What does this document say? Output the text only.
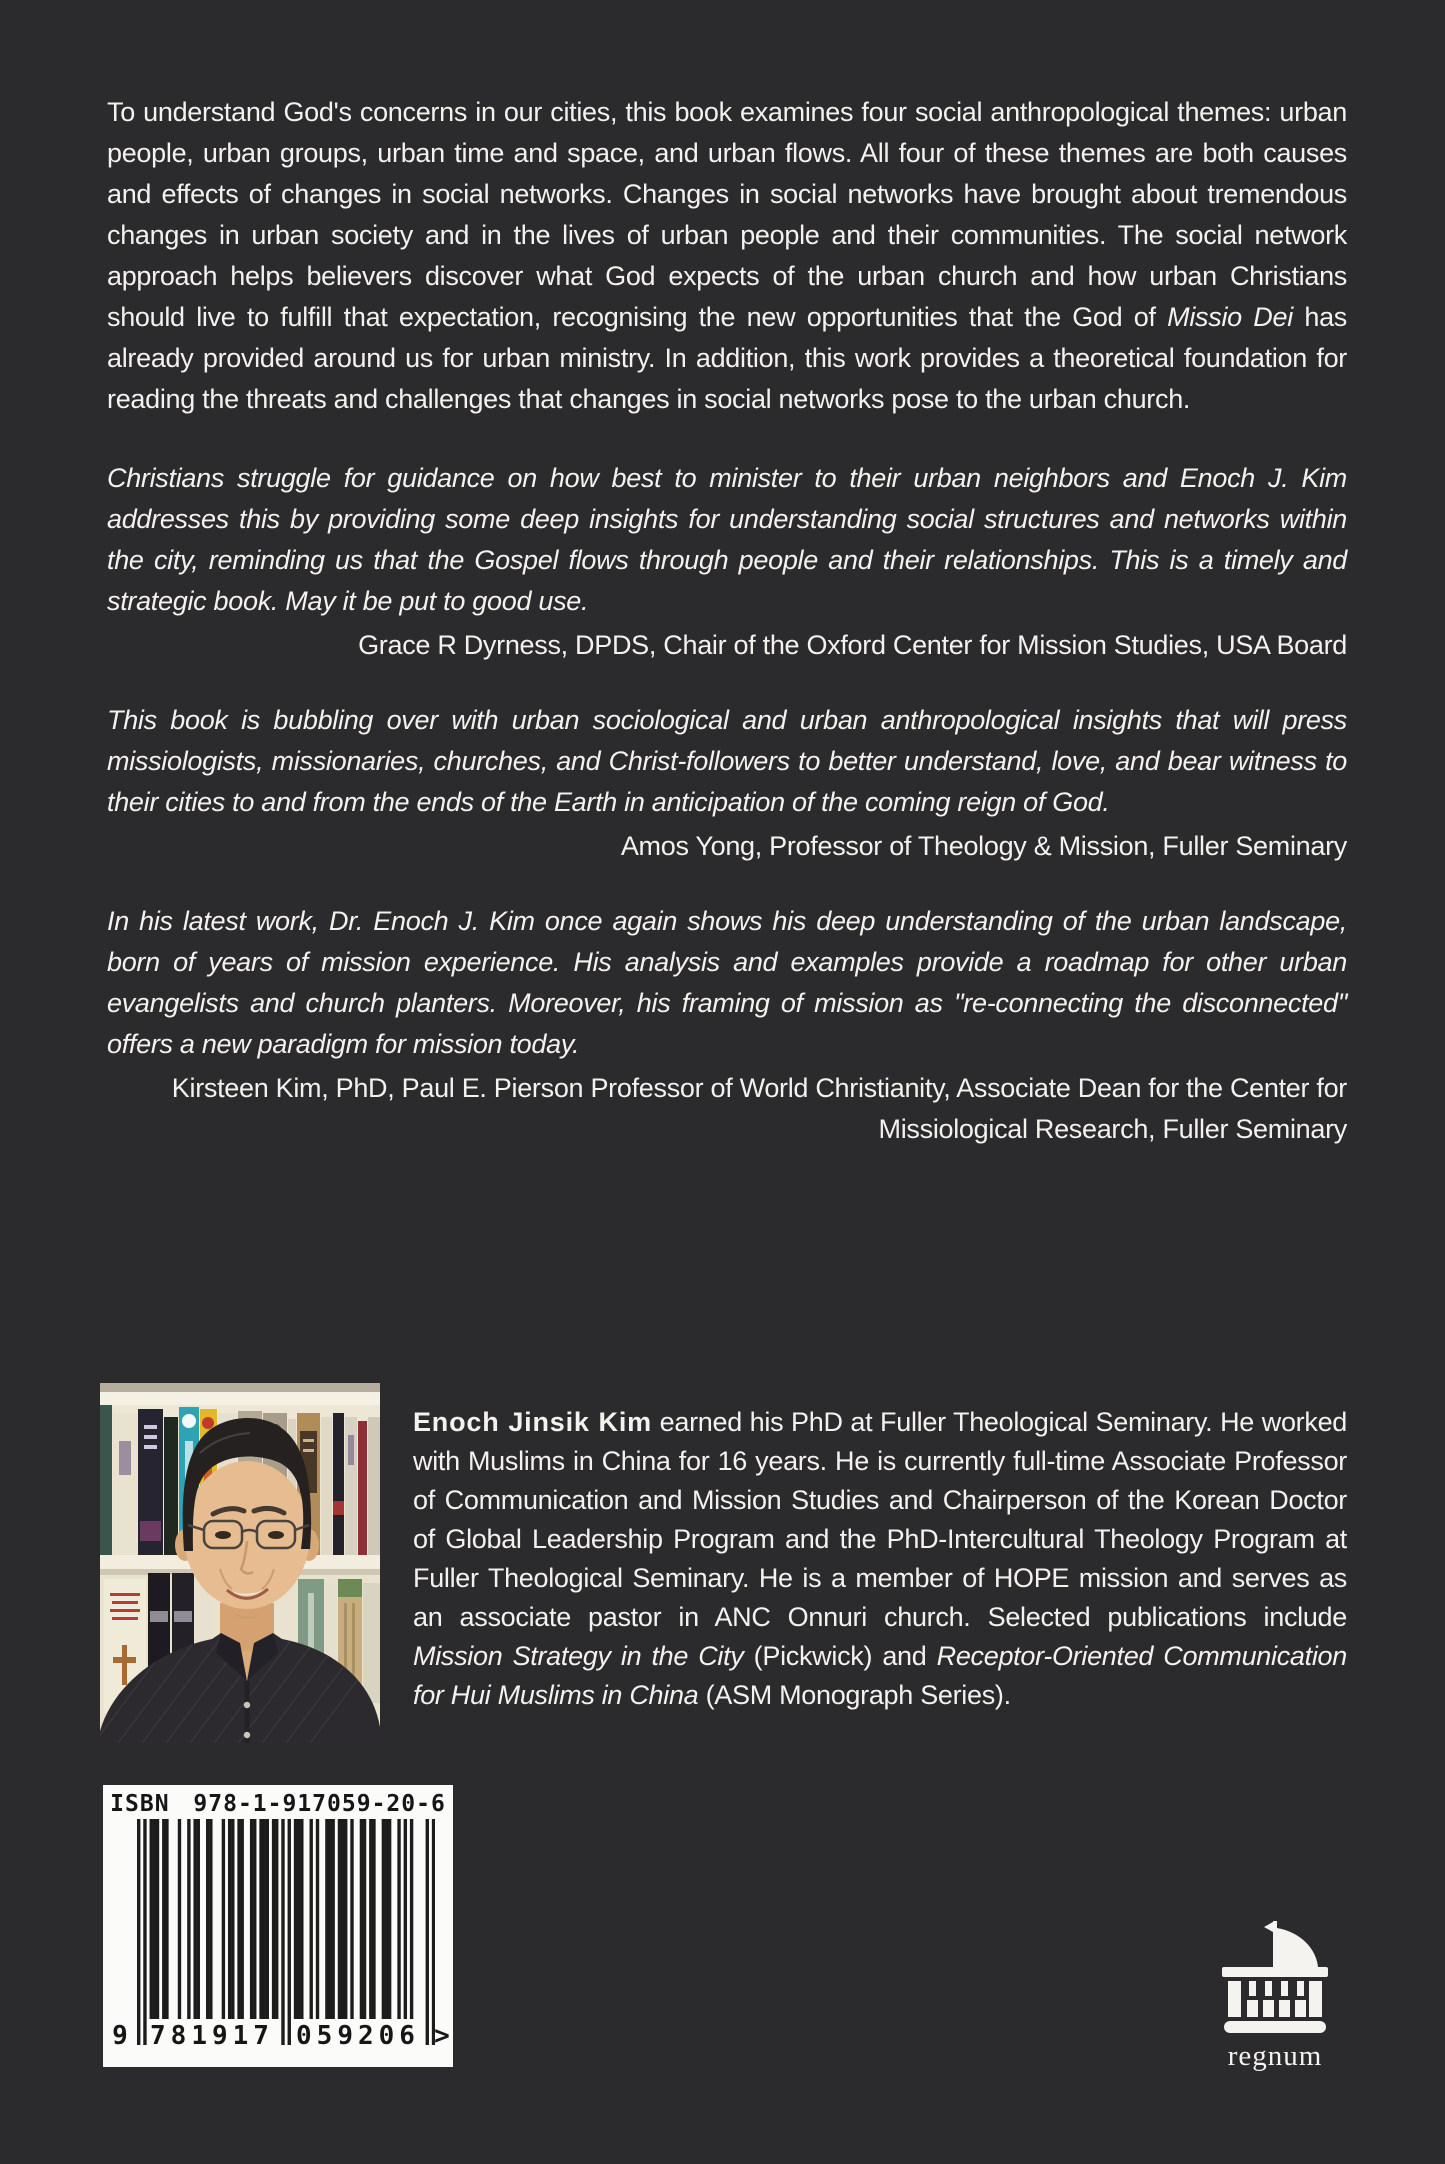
To understand God's concerns in our cities, this book examines four social anthropological themes: urban people, urban groups, urban time and space, and urban flows. All four of these themes are both causes and effects of changes in social networks. Changes in social networks have brought about tremendous changes in urban society and in the lives of urban people and their communities. The social network approach helps believers discover what God expects of the urban church and how urban Christians should live to fulfill that expectation, recognising the new opportunities that the God of Missio Dei has already provided around us for urban ministry. In addition, this work provides a theoretical foundation for reading the threats and challenges that changes in social networks pose to the urban church.

Christians struggle for guidance on how best to minister to their urban neighbors and Enoch J. Kim addresses this by providing some deep insights for understanding social structures and networks within the city, reminding us that the Gospel flows through people and their relationships. This is a timely and strategic book. May it be put to good use.

Grace R Dyrness, DPDS, Chair of the Oxford Center for Mission Studies, USA Board

This book is bubbling over with urban sociological and urban anthropological insights that will press missiologists, missionaries, churches, and Christ-followers to better understand, love, and bear witness to their cities to and from the ends of the Earth in anticipation of the coming reign of God.

Amos Yong, Professor of Theology & Mission, Fuller Seminary

In his latest work, Dr. Enoch J. Kim once again shows his deep understanding of the urban landscape, born of years of mission experience. His analysis and examples provide a roadmap for other urban evangelists and church planters. Moreover, his framing of mission as "re-connecting the disconnected" offers a new paradigm for mission today.

Kirsteen Kim, PhD, Paul E. Pierson Professor of World Christianity, Associate Dean for the Center for Missiological Research, Fuller Seminary

Enoch Jinsik Kim earned his PhD at Fuller Theological Seminary. He worked with Muslims in China for 16 years. He is currently full-time Associate Professor of Communication and Mission Studies and Chairperson of the Korean Doctor of Global Leadership Program and the PhD-Intercultural Theology Program at Fuller Theological Seminary. He is a member of HOPE mission and serves as an associate pastor in ANC Onnuri church. Selected publications include Mission Strategy in the City (Pickwick) and Receptor-Oriented Communication for Hui Muslims in China (ASM Monograph Series).

ISBN 978-1-917059-20-6
9 781917 059206 >
regnum
